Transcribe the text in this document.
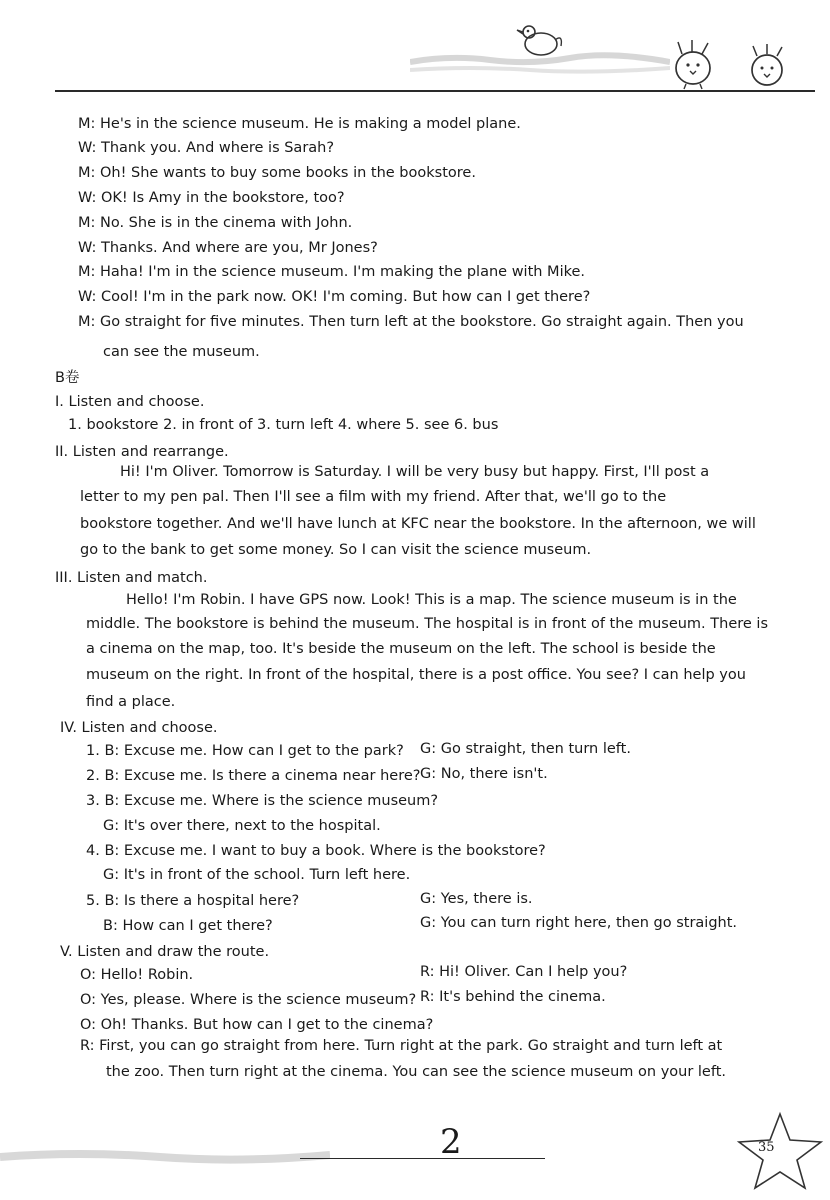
M: He's in the science museum. He is making a model plane.
W: Thank you. And where is Sarah?
M: Oh! She wants to buy some books in the bookstore.
W: OK! Is Amy in the bookstore, too?
M: No. She is in the cinema with John.
W: Thanks. And where are you, Mr Jones?
M: Haha! I'm in the science museum. I'm making the plane with Mike.
W: Cool! I'm in the park now. OK! I'm coming. But how can I get there?
M: Go straight for five minutes. Then turn left at the bookstore. Go straight again. Then you
can see the museum.
B卷
I. Listen and choose.
1. bookstore 2. in front of 3. turn left 4. where 5. see 6. bus
II. Listen and rearrange.
Hi! I'm Oliver. Tomorrow is Saturday. I will be very busy but happy. First, I'll post a
letter to my pen pal. Then I'll see a film with my friend. After that, we'll go to the
bookstore together. And we'll have lunch at KFC near the bookstore. In the afternoon, we will
go to the bank to get some money. So I can visit the science museum.
III. Listen and match.
Hello! I'm Robin. I have GPS now. Look! This is a map. The science museum is in the
middle. The bookstore is behind the museum. The hospital is in front of the museum. There is
a cinema on the map, too. It's beside the museum on the left. The school is beside the
museum on the right. In front of the hospital, there is a post office. You see? I can help you
find a place.
IV. Listen and choose.
1. B: Excuse me. How can I get to the park? G: Go straight, then turn left.
2. B: Excuse me. Is there a cinema near here? G: No, there isn't.
3. B: Excuse me. Where is the science museum?
G: It's over there, next to the hospital.
4. B: Excuse me. I want to buy a book. Where is the bookstore?
G: It's in front of the school. Turn left here.
5. B: Is there a hospital here?	G: Yes, there is.
B: How can I get there?	G: You can turn right here, then go straight.
V. Listen and draw the route.
O: Hello! Robin.	R: Hi! Oliver. Can I help you?
O: Yes, please. Where is the science museum? R: It's behind the cinema.
O: Oh! Thanks. But how can I get to the cinema?
R: First, you can go straight from here. Turn right at the park. Go straight and turn left at
the zoo. Then turn right at the cinema. You can see the science museum on your left.
2	35
